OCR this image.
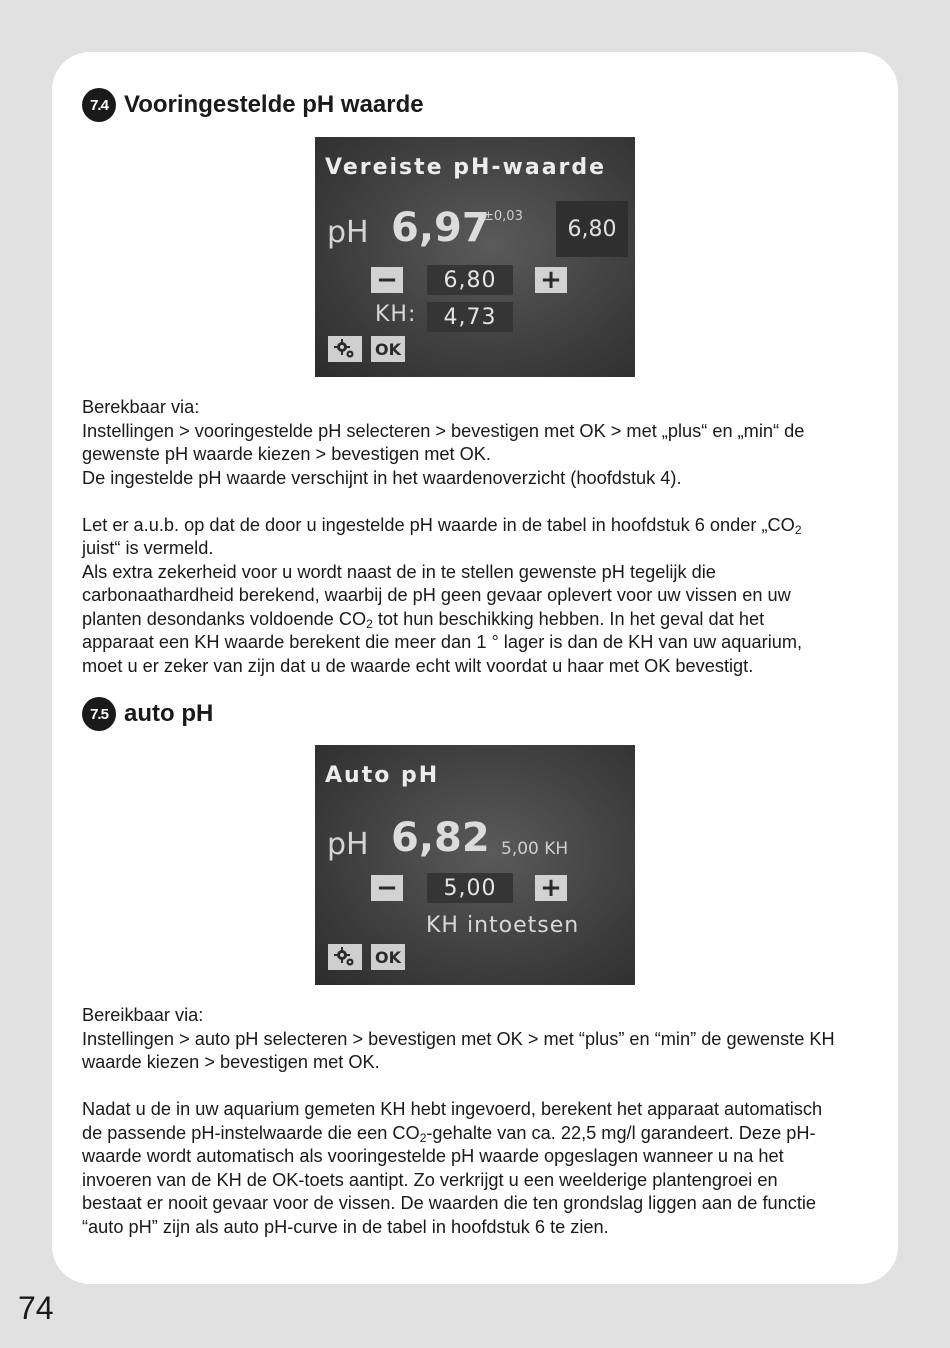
7.4 Vooringestelde pH waarde
Vereiste pH-waarde
pH 6,97
±0,03	6,80
−	6,80	+
KH:	4,73
OK

Berekbaar via:

Instellingen > vooringestelde pH selecteren > bevestigen met OK > met „plus“ en „min“ de

gewenste pH waarde kiezen > bevestigen met OK.

De ingestelde pH waarde verschijnt in het waardenoverzicht (hoofdstuk 4).

Let er a.u.b. op dat de door u ingestelde pH waarde in de tabel in hoofdstuk 6 onder $„CO_2$

juist“ is vermeld.

Als extra zekerheid voor u wordt naast de in te stellen gewenste pH tegelijk die

carbonaathardheid berekend, waarbij de pH geen gevaar oplevert voor uw vissen en uw

planten desondanks voldoende $CO_2$ tot hun beschikking hebben. In het geval dat het

apparaat een KH waarde berekent die meer dan 1 ° lager is dan de KH van uw aquarium,

moet u er zeker van zijn dat u de waarde echt wilt voordat u haar met OK bevestigt.

7.5 auto pH
Auto pH
pH 6,82 5,00 KH
−	5,00	+
KH intoetsen
OK

Bereikbaar via:

Instellingen > auto pH selecteren > bevestigen met OK > met “plus” en “min” de gewenste KH

waarde kiezen > bevestigen met OK.

Nadat u de in uw aquarium gemeten KH hebt ingevoerd, berekent het apparaat automatisch

de passende pH-instelwaarde die een $CO_2$-gehalte van ca. 22,5 mg/l garandeert. Deze pH-

waarde wordt automatisch als vooringestelde pH waarde opgeslagen wanneer u na het

invoeren van de KH de OK-toets aantipt. Zo verkrijgt u een weelderige plantengroei en

bestaat er nooit gevaar voor de vissen. De waarden die ten grondslag liggen aan de functie

“auto pH” zijn als auto pH-curve in de tabel in hoofdstuk 6 te zien.

74
